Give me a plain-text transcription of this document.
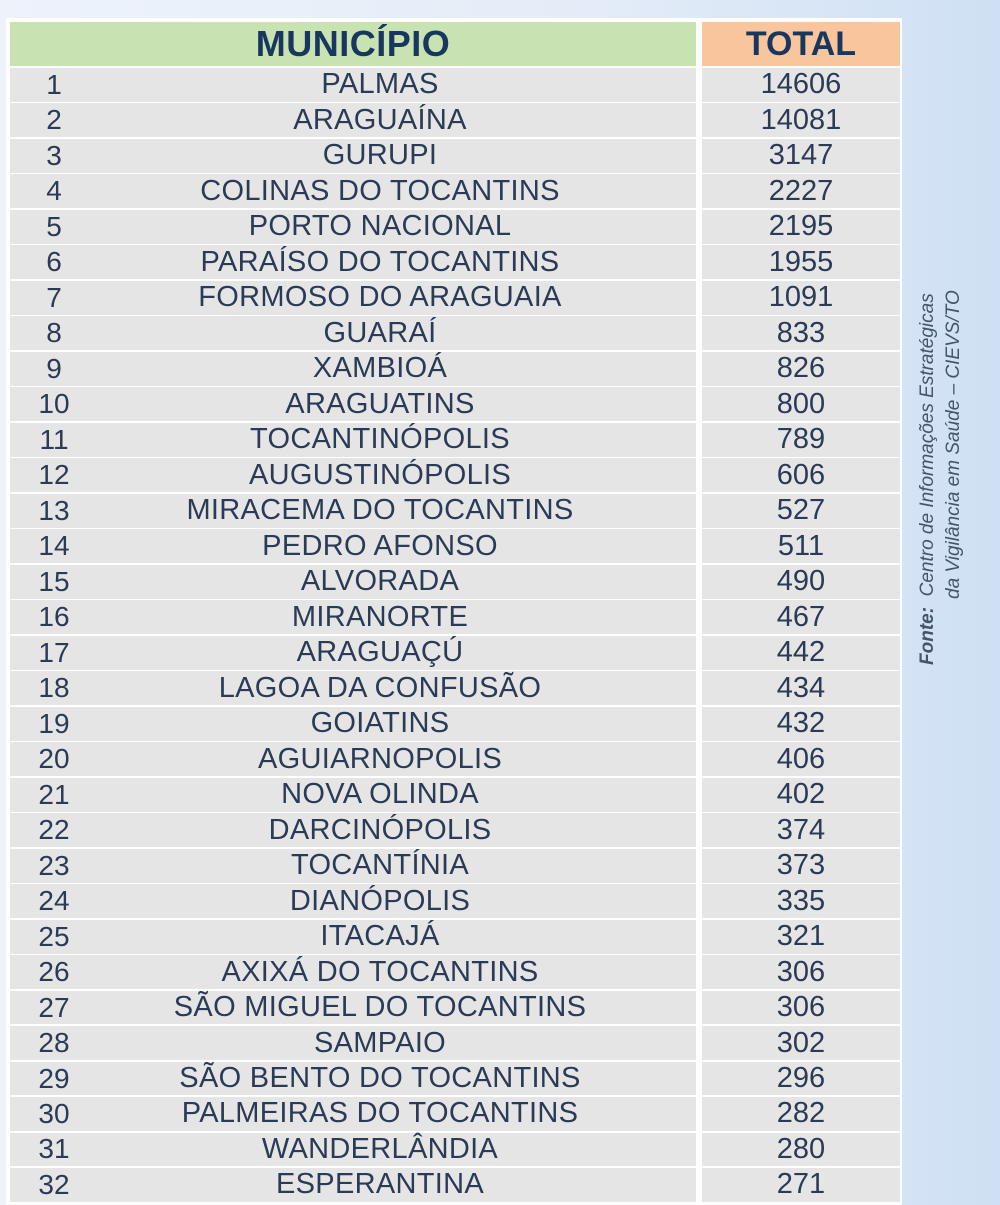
MUNICÍPIO	TOTAL
1	PALMAS	14606
2	ARAGUAÍNA	14081
3	GURUPI	3147
4	COLINAS DO TOCANTINS	2227
5	PORTO NACIONAL	2195
6	PARAÍSO DO TOCANTINS	1955
7	FORMOSO DO ARAGUAIA	1091
8	GUARAÍ	833
9	XAMBIOÁ	826
10	ARAGUATINS	800
11	TOCANTINÓPOLIS	789
12	AUGUSTINÓPOLIS	606
13	MIRACEMA DO TOCANTINS	527
14	PEDRO AFONSO	511
15	ALVORADA	490
16	MIRANORTE	467
17	ARAGUAÇÚ	442
18	LAGOA DA CONFUSÃO	434
19	GOIATINS	432
20	AGUIARNOPOLIS	406
21	NOVA OLINDA	402
22	DARCINÓPOLIS	374
23	TOCANTÍNIA	373
24	DIANÓPOLIS	335
25	ITACAJÁ	321
26	AXIXÁ DO TOCANTINS	306
27	SÃO MIGUEL DO TOCANTINS	306
28	SAMPAIO	302
29	SÃO BENTO DO TOCANTINS	296
30	PALMEIRAS DO TOCANTINS	282
31	WANDERLÂNDIA	280
32	ESPERANTINA	271
Fonte:  Centro de Informações Estratégicas da Vigilância em Saúde – CIEVS/TO
